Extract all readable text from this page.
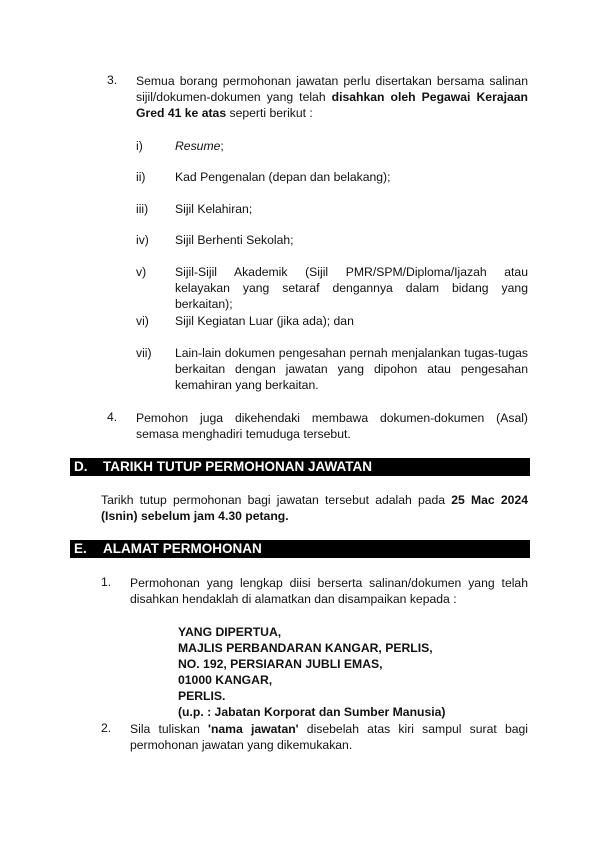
3. Semua borang permohonan jawatan perlu disertakan bersama salinan sijil/dokumen-dokumen yang telah disahkan oleh Pegawai Kerajaan Gred 41 ke atas seperti berikut :
i)	Resume;
ii) Kad Pengenalan (depan dan belakang);
iii) Sijil Kelahiran;
iv) Sijil Berhenti Sekolah;
v) Sijil-Sijil Akademik (Sijil PMR/SPM/Diploma/Ijazah atau kelayakan yang setaraf dengannya dalam bidang yang berkaitan);
vi) Sijil Kegiatan Luar (jika ada); dan
vii) Lain-lain dokumen pengesahan pernah menjalankan tugas-tugas berkaitan dengan jawatan yang dipohon atau pengesahan kemahiran yang berkaitan.
4. Pemohon juga dikehendaki membawa dokumen-dokumen (Asal) semasa menghadiri temuduga tersebut.
D. TARIKH TUTUP PERMOHONAN JAWATAN
Tarikh tutup permohonan bagi jawatan tersebut adalah pada 25 Mac 2024 (Isnin) sebelum jam 4.30 petang.
E. ALAMAT PERMOHONAN
1. Permohonan yang lengkap diisi berserta salinan/dokumen yang telah disahkan hendaklah di alamatkan dan disampaikan kepada :
YANG DIPERTUA,
MAJLIS PERBANDARAN KANGAR, PERLIS,
NO. 192, PERSIARAN JUBLI EMAS,
01000 KANGAR,
PERLIS.
(u.p. : Jabatan Korporat dan Sumber Manusia)
2. Sila tuliskan 'nama jawatan' disebelah atas kiri sampul surat bagi permohonan jawatan yang dikemukakan.
